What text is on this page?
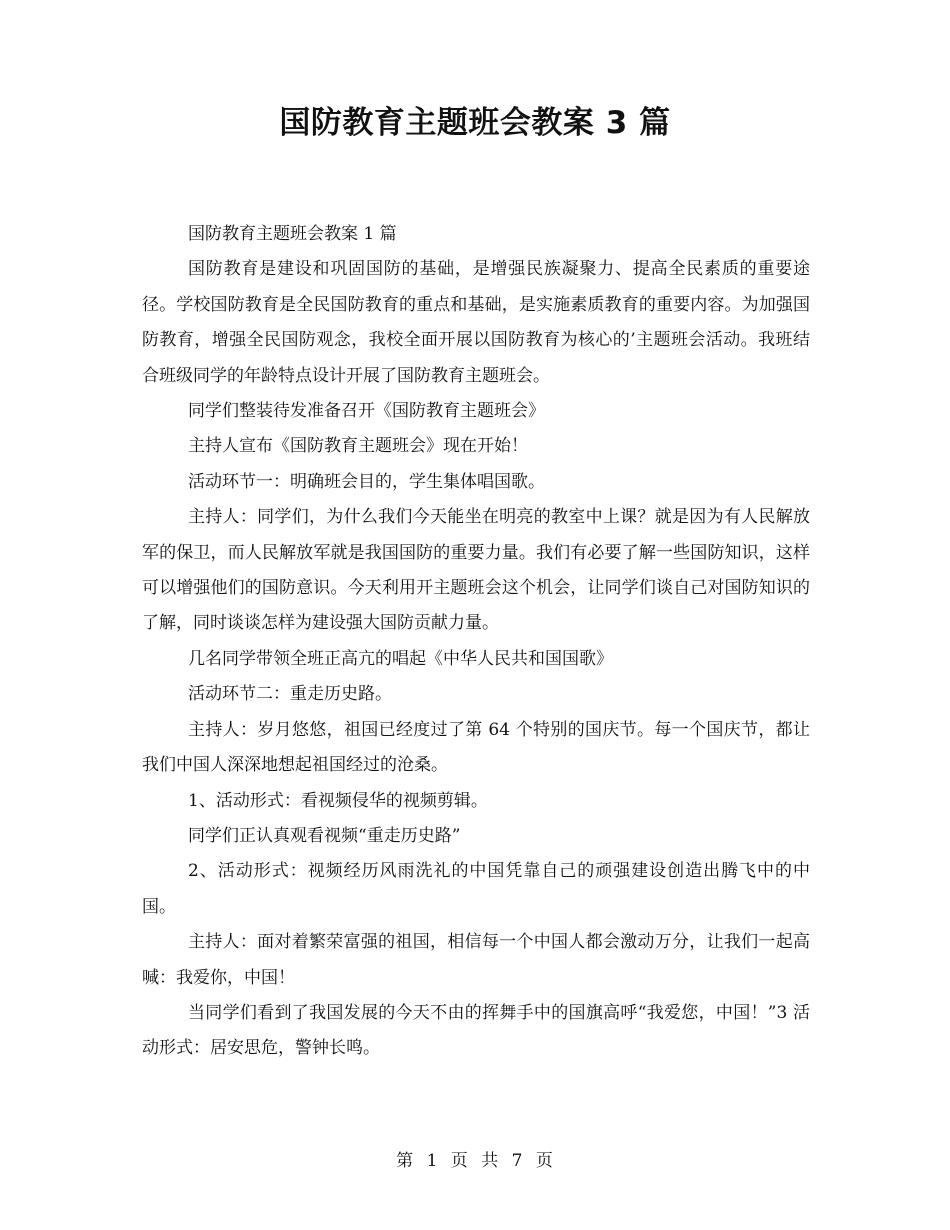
国防教育主题班会教案 3 篇

国防教育主题班会教案 1 篇

国防教育是建设和巩固国防的基础，是增强民族凝聚力、提高全民素质的重要途径。学校国防教育是全民国防教育的重点和基础，是实施素质教育的重要内容。为加强国防教育，增强全民国防观念，我校全面开展以国防教育为核心的’主题班会活动。我班结合班级同学的年龄特点设计开展了国防教育主题班会。

同学们整装待发准备召开《国防教育主题班会》

主持人宣布《国防教育主题班会》现在开始！

活动环节一：明确班会目的，学生集体唱国歌。

主持人：同学们，为什么我们今天能坐在明亮的教室中上课？就是因为有人民解放军的保卫，而人民解放军就是我国国防的重要力量。我们有必要了解一些国防知识，这样可以增强他们的国防意识。今天利用开主题班会这个机会，让同学们谈自己对国防知识的了解，同时谈谈怎样为建设强大国防贡献力量。

几名同学带领全班正高亢的唱起《中华人民共和国国歌》

活动环节二：重走历史路。

主持人：岁月悠悠，祖国已经度过了第 64 个特别的国庆节。每一个国庆节，都让我们中国人深深地想起祖国经过的沧桑。

1、活动形式：看视频侵华的视频剪辑。

同学们正认真观看视频“重走历史路”

2、活动形式：视频经历风雨洗礼的中国凭靠自己的顽强建设创造出腾飞中的中国。

主持人：面对着繁荣富强的祖国，相信每一个中国人都会激动万分，让我们一起高喊：我爱你，中国！

当同学们看到了我国发展的今天不由的挥舞手中的国旗高呼“我爱您，中国！”3 活动形式：居安思危，警钟长鸣。

第 1 页 共 7 页
